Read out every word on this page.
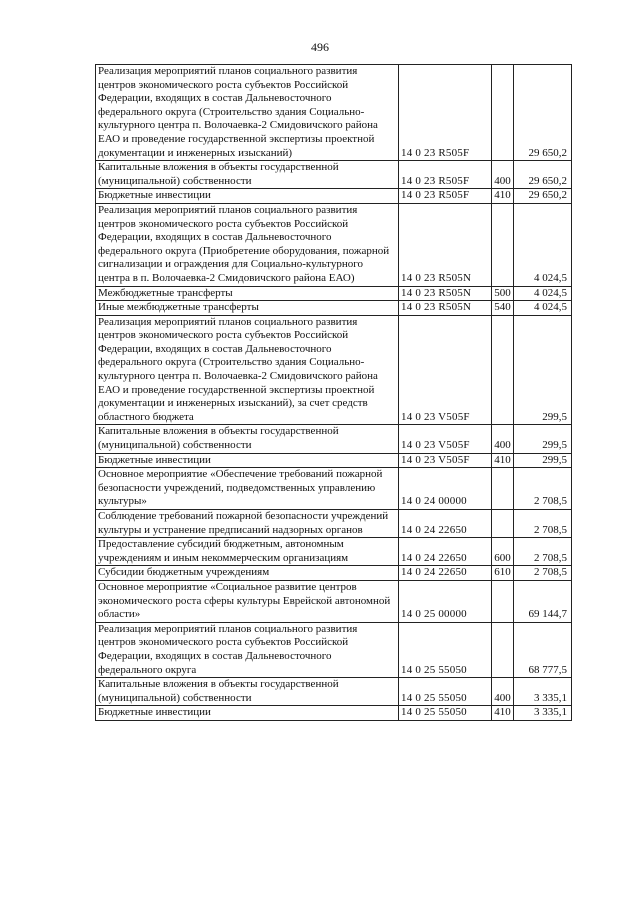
496
Реализация мероприятий планов социального развития центров экономического роста субъектов Российской Федерации, входящих в состав Дальневосточного федерального округа (Строительство здания Социально-культурного центра п. Волочаевка-2 Смидовичского района ЕАО и проведение государственной экспертизы проектной документации и инженерных изысканий)	14 0 23 R505F		29 650,2
Капитальные вложения в объекты государственной (муниципальной) собственности	14 0 23 R505F	400	29 650,2
Бюджетные инвестиции	14 0 23 R505F	410	29 650,2
Реализация мероприятий планов социального развития центров экономического роста субъектов Российской Федерации, входящих в состав Дальневосточного федерального округа (Приобретение оборудования, пожарной сигнализации и ограждения для Социально-культурного центра в п. Волочаевка-2 Смидовичского района ЕАО)	14 0 23 R505N		4 024,5
Межбюджетные трансферты	14 0 23 R505N	500	4 024,5
Иные межбюджетные трансферты	14 0 23 R505N	540	4 024,5
Реализация мероприятий планов социального развития центров экономического роста субъектов Российской Федерации, входящих в состав Дальневосточного федерального округа (Строительство здания Социально-культурного центра п. Волочаевка-2 Смидовичского района ЕАО и проведение государственной экспертизы проектной документации и инженерных изысканий), за счет средств областного бюджета	14 0 23 V505F		299,5
Капитальные вложения в объекты государственной (муниципальной) собственности	14 0 23 V505F	400	299,5
Бюджетные инвестиции	14 0 23 V505F	410	299,5
Основное мероприятие «Обеспечение требований пожарной безопасности учреждений, подведомственных управлению культуры»	14 0 24 00000		2 708,5
Соблюдение требований пожарной безопасности учреждений культуры и устранение предписаний надзорных органов	14 0 24 22650		2 708,5
Предоставление субсидий бюджетным, автономным учреждениям и иным некоммерческим организациям	14 0 24 22650	600	2 708,5
Субсидии бюджетным учреждениям	14 0 24 22650	610	2 708,5
Основное мероприятие «Социальное развитие центров экономического роста сферы культуры Еврейской автономной области»	14 0 25 00000		69 144,7
Реализация мероприятий планов социального развития центров экономического роста субъектов Российской Федерации, входящих в состав Дальневосточного федерального округа	14 0 25 55050		68 777,5
Капитальные вложения в объекты государственной (муниципальной) собственности	14 0 25 55050	400	3 335,1
Бюджетные инвестиции	14 0 25 55050	410	3 335,1
